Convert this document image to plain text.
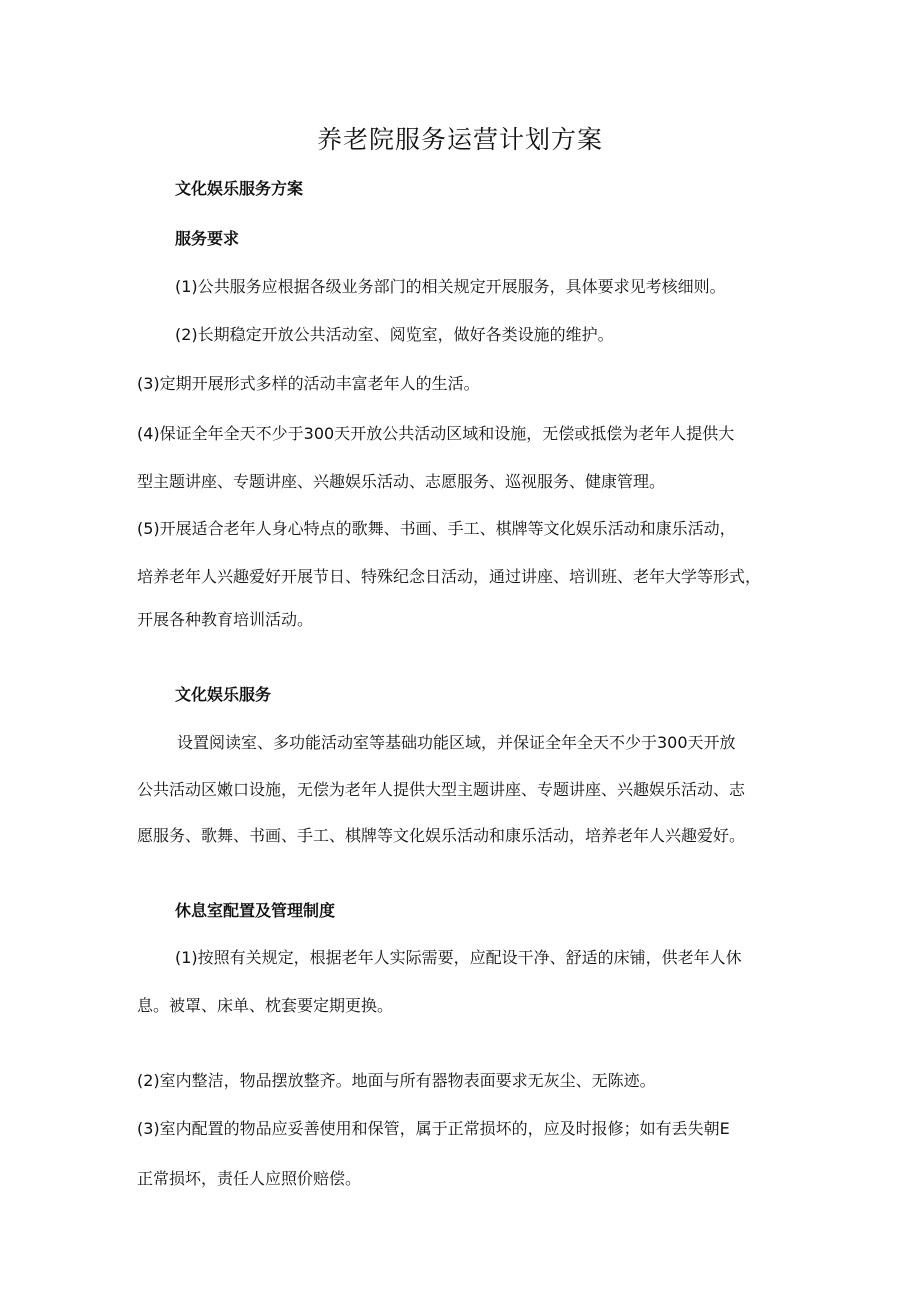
养老院服务运营计划方案

文化娱乐服务方案

服务要求

(1)公共服务应根据各级业务部门的相关规定开展服务，具体要求见考核细则。

(2)长期稳定开放公共活动室、阅览室，做好各类设施的维护。

(3)定期开展形式多样的活动丰富老年人的生活。

(4)保证全年全天不少于300天开放公共活动区域和设施，无偿或抵偿为老年人提供大

型主题讲座、专题讲座、兴趣娱乐活动、志愿服务、巡视服务、健康管理。

(5)开展适合老年人身心特点的歌舞、书画、手工、棋牌等文化娱乐活动和康乐活动，

培养老年人兴趣爱好开展节日、特殊纪念日活动，通过讲座、培训班、老年大学等形式，

开展各种教育培训活动。

文化娱乐服务

设置阅读室、多功能活动室等基础功能区域，并保证全年全天不少于300天开放

公共活动区嫩口设施，无偿为老年人提供大型主题讲座、专题讲座、兴趣娱乐活动、志

愿服务、歌舞、书画、手工、棋牌等文化娱乐活动和康乐活动，培养老年人兴趣爱好。

休息室配置及管理制度

(1)按照有关规定，根据老年人实际需要，应配设干净、舒适的床铺，供老年人休

息。被罩、床单、枕套要定期更换。

(2)室内整洁，物品摆放整齐。地面与所有器物表面要求无灰尘、无陈迹。

(3)室内配置的物品应妥善使用和保管，属于正常损坏的，应及时报修；如有丢失朝E

正常损坏，责任人应照价赔偿。
